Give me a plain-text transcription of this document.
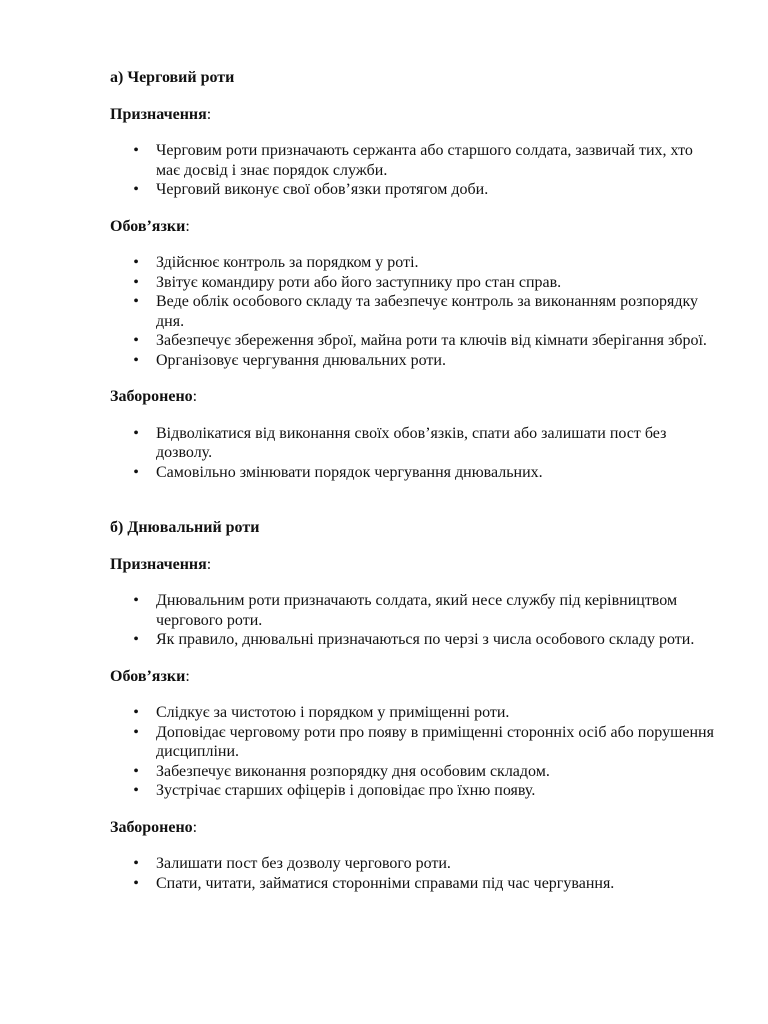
а) Черговий роти

Призначення:

• Черговим роти призначають сержанта або старшого солдата, зазвичай тих, хто має досвід і знає порядок служби.
• Черговий виконує свої обов’язки протягом доби.

Обов’язки:

• Здійснює контроль за порядком у роті.
• Звітує командиру роти або його заступнику про стан справ.
• Веде облік особового складу та забезпечує контроль за виконанням розпорядку дня.
• Забезпечує збереження зброї, майна роти та ключів від кімнати зберігання зброї.
• Організовує чергування днювальних роти.

Заборонено:

• Відволікатися від виконання своїх обов’язків, спати або залишати пост без дозволу.
• Самовільно змінювати порядок чергування днювальних.
б) Днювальний роти

Призначення:

• Днювальним роти призначають солдата, який несе службу під керівництвом чергового роти.
• Як правило, днювальні призначаються по черзі з числа особового складу роти.

Обов’язки:

• Слідкує за чистотою і порядком у приміщенні роти.
• Доповідає черговому роти про появу в приміщенні сторонніх осіб або порушення дисципліни.
• Забезпечує виконання розпорядку дня особовим складом.
• Зустрічає старших офіцерів і доповідає про їхню появу.

Заборонено:

• Залишати пост без дозволу чергового роти.
• Спати, читати, займатися сторонніми справами під час чергування.
